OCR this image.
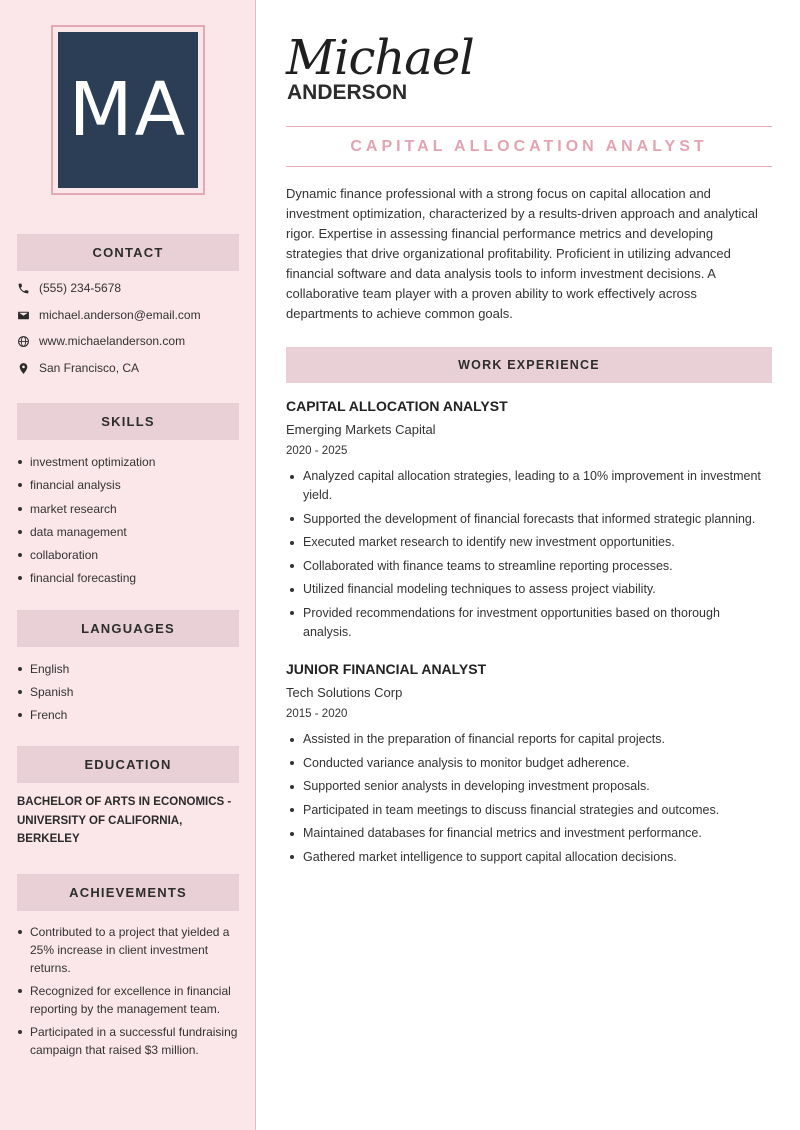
MA
CONTACT
(555) 234-5678
michael.anderson@email.com
www.michaelanderson.com
San Francisco, CA
SKILLS
investment optimization
financial analysis
market research
data management
collaboration
financial forecasting
LANGUAGES
English
Spanish
French
EDUCATION
BACHELOR OF ARTS IN ECONOMICS - UNIVERSITY OF CALIFORNIA, BERKELEY
ACHIEVEMENTS
Contributed to a project that yielded a 25% increase in client investment returns.
Recognized for excellence in financial reporting by the management team.
Participated in a successful fundraising campaign that raised $3 million.
Michael
ANDERSON
CAPITAL ALLOCATION ANALYST
Dynamic finance professional with a strong focus on capital allocation and investment optimization, characterized by a results-driven approach and analytical rigor. Expertise in assessing financial performance metrics and developing strategies that drive organizational profitability. Proficient in utilizing advanced financial software and data analysis tools to inform investment decisions. A collaborative team player with a proven ability to work effectively across departments to achieve common goals.
WORK EXPERIENCE
CAPITAL ALLOCATION ANALYST
Emerging Markets Capital
2020 - 2025
Analyzed capital allocation strategies, leading to a 10% improvement in investment yield.
Supported the development of financial forecasts that informed strategic planning.
Executed market research to identify new investment opportunities.
Collaborated with finance teams to streamline reporting processes.
Utilized financial modeling techniques to assess project viability.
Provided recommendations for investment opportunities based on thorough analysis.
JUNIOR FINANCIAL ANALYST
Tech Solutions Corp
2015 - 2020
Assisted in the preparation of financial reports for capital projects.
Conducted variance analysis to monitor budget adherence.
Supported senior analysts in developing investment proposals.
Participated in team meetings to discuss financial strategies and outcomes.
Maintained databases for financial metrics and investment performance.
Gathered market intelligence to support capital allocation decisions.
